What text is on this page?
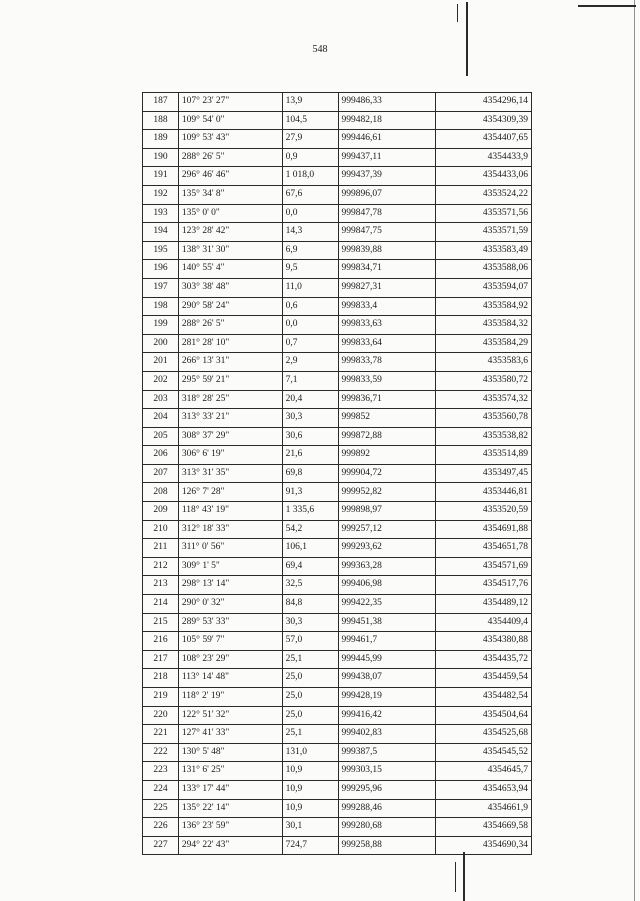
548
187	107° 23' 27"	13,9	999486,33	4354296,14
188	109° 54' 0"	104,5	999482,18	4354309,39
189	109° 53' 43"	27,9	999446,61	4354407,65
190	288° 26' 5"	0,9	999437,11	4354433,9
191	296° 46' 46"	1 018,0	999437,39	4354433,06
192	135° 34' 8"	67,6	999896,07	4353524,22
193	135° 0' 0"	0,0	999847,78	4353571,56
194	123° 28' 42"	14,3	999847,75	4353571,59
195	138° 31' 30"	6,9	999839,88	4353583,49
196	140° 55' 4"	9,5	999834,71	4353588,06
197	303° 38' 48"	11,0	999827,31	4353594,07
198	290° 58' 24"	0,6	999833,4	4353584,92
199	288° 26' 5"	0,0	999833,63	4353584,32
200	281° 28' 10"	0,7	999833,64	4353584,29
201	266° 13' 31"	2,9	999833,78	4353583,6
202	295° 59' 21"	7,1	999833,59	4353580,72
203	318° 28' 25"	20,4	999836,71	4353574,32
204	313° 33' 21"	30,3	999852	4353560,78
205	308° 37' 29"	30,6	999872,88	4353538,82
206	306° 6' 19"	21,6	999892	4353514,89
207	313° 31' 35"	69,8	999904,72	4353497,45
208	126° 7' 28"	91,3	999952,82	4353446,81
209	118° 43' 19"	1 335,6	999898,97	4353520,59
210	312° 18' 33"	54,2	999257,12	4354691,88
211	311° 0' 56"	106,1	999293,62	4354651,78
212	309° 1' 5"	69,4	999363,28	4354571,69
213	298° 13' 14"	32,5	999406,98	4354517,76
214	290° 0' 32"	84,8	999422,35	4354489,12
215	289° 53' 33"	30,3	999451,38	4354409,4
216	105° 59' 7"	57,0	999461,7	4354380,88
217	108° 23' 29"	25,1	999445,99	4354435,72
218	113° 14' 48"	25,0	999438,07	4354459,54
219	118° 2' 19"	25,0	999428,19	4354482,54
220	122° 51' 32"	25,0	999416,42	4354504,64
221	127° 41' 33"	25,1	999402,83	4354525,68
222	130° 5' 48"	131,0	999387,5	4354545,52
223	131° 6' 25"	10,9	999303,15	4354645,7
224	133° 17' 44"	10,9	999295,96	4354653,94
225	135° 22' 14"	10,9	999288,46	4354661,9
226	136° 23' 59"	30,1	999280,68	4354669,58
227	294° 22' 43"	724,7	999258,88	4354690,34
